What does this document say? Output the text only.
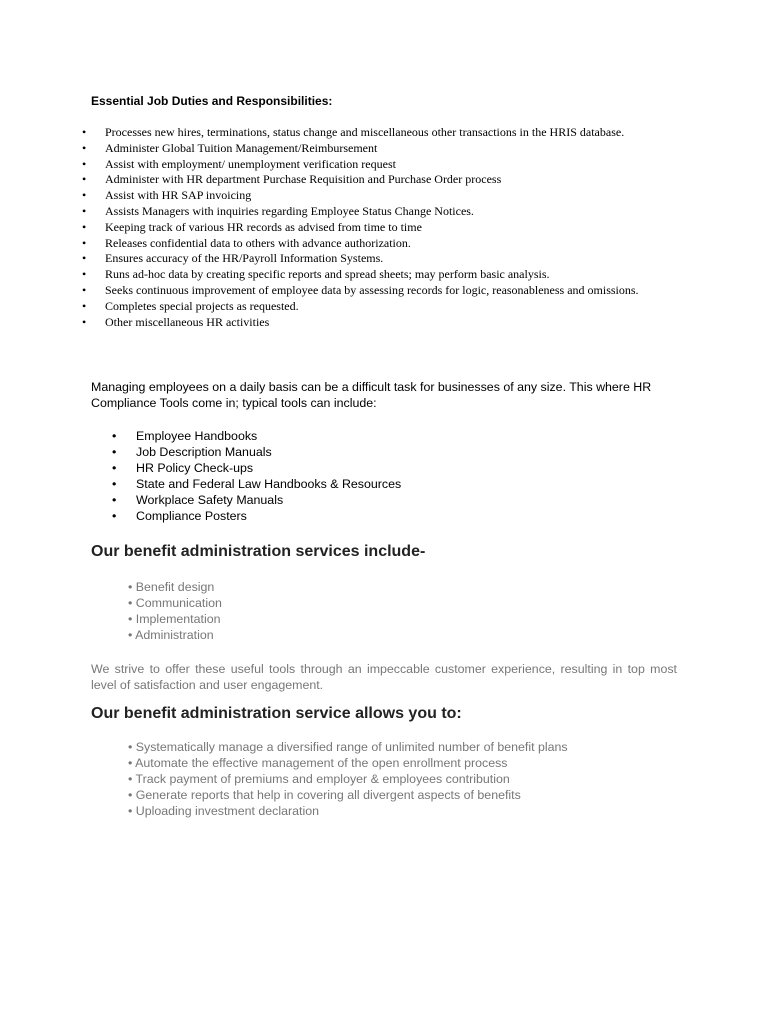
Essential Job Duties and Responsibilities:
• Processes new hires, terminations, status change and miscellaneous other transactions in the HRIS database.
• Administer Global Tuition Management/Reimbursement
• Assist with employment/ unemployment verification request
• Administer with HR department Purchase Requisition and Purchase Order process
• Assist with HR SAP invoicing
• Assists Managers with inquiries regarding Employee Status Change Notices.
• Keeping track of various HR records as advised from time to time
• Releases confidential data to others with advance authorization.
• Ensures accuracy of the HR/Payroll Information Systems.
• Runs ad-hoc data by creating specific reports and spread sheets; may perform basic analysis.
• Seeks continuous improvement of employee data by assessing records for logic, reasonableness and omissions.
• Completes special projects as requested.
• Other miscellaneous HR activities

Managing employees on a daily basis can be a difficult task for businesses of any size. This where HR Compliance Tools come in; typical tools can include:

• Employee Handbooks
• Job Description Manuals
• HR Policy Check-ups
• State and Federal Law Handbooks & Resources
• Workplace Safety Manuals
• Compliance Posters
Our benefit administration services include-
• Benefit design
• Communication
• Implementation
• Administration

We strive to offer these useful tools through an impeccable customer experience, resulting in top most level of satisfaction and user engagement.

Our benefit administration service allows you to:
• Systematically manage a diversified range of unlimited number of benefit plans
• Automate the effective management of the open enrollment process
• Track payment of premiums and employer & employees contribution
• Generate reports that help in covering all divergent aspects of benefits
• Uploading investment declaration
